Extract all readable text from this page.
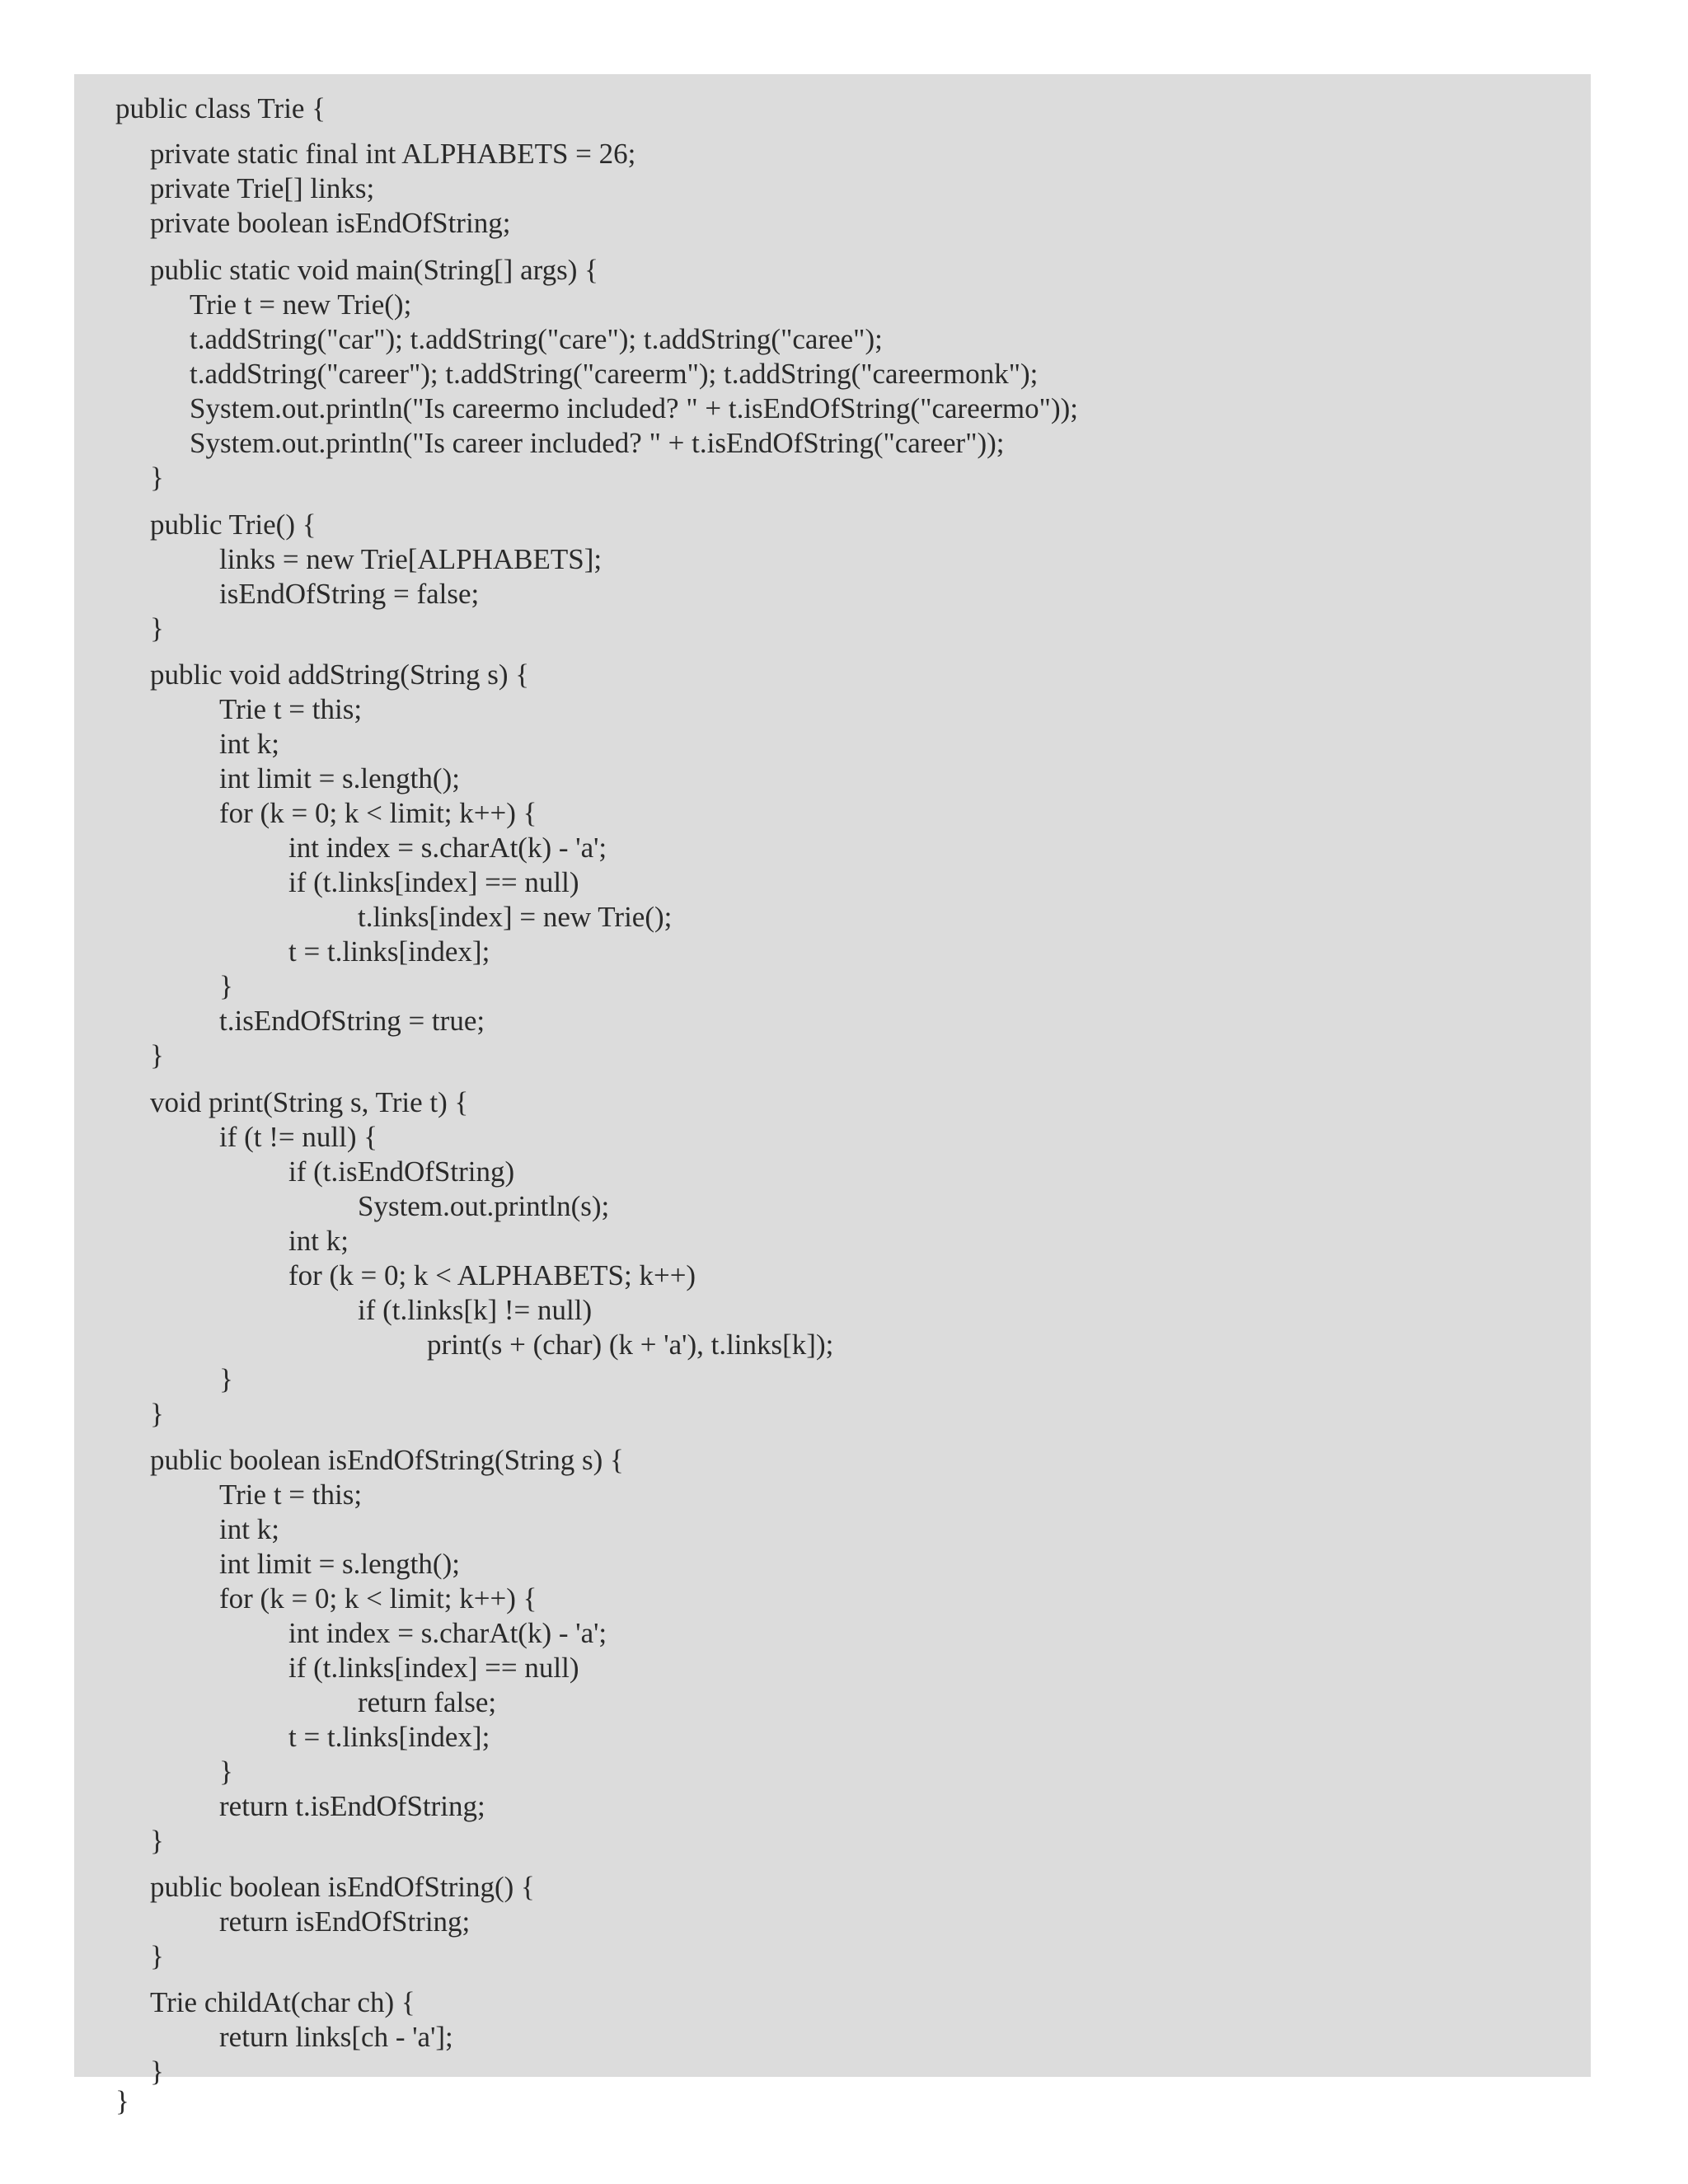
public class Trie {
private static final int ALPHABETS = 26;
private Trie[] links;
private boolean isEndOfString;
public static void main(String[] args) {
Trie t = new Trie();
t.addString("car"); t.addString("care"); t.addString("caree");
t.addString("career"); t.addString("careerm"); t.addString("careermonk");
System.out.println("Is careermo included? " + t.isEndOfString("careermo"));
System.out.println("Is career included? " + t.isEndOfString("career"));
}
public Trie() {
links = new Trie[ALPHABETS];
isEndOfString = false;
}
public void addString(String s) {
Trie t = this;
int k;
int limit = s.length();
for (k = 0; k < limit; k++) {
int index = s.charAt(k) - 'a';
if (t.links[index] == null)
t.links[index] = new Trie();
t = t.links[index];
}
t.isEndOfString = true;
}
void print(String s, Trie t) {
if (t != null) {
if (t.isEndOfString)
System.out.println(s);
int k;
for (k = 0; k < ALPHABETS; k++)
if (t.links[k] != null)
print(s + (char) (k + 'a'), t.links[k]);
}
}
public boolean isEndOfString(String s) {
Trie t = this;
int k;
int limit = s.length();
for (k = 0; k < limit; k++) {
int index = s.charAt(k) - 'a';
if (t.links[index] == null)
return false;
t = t.links[index];
}
return t.isEndOfString;
}
public boolean isEndOfString() {
return isEndOfString;
}
Trie childAt(char ch) {
return links[ch - 'a'];
}
}
